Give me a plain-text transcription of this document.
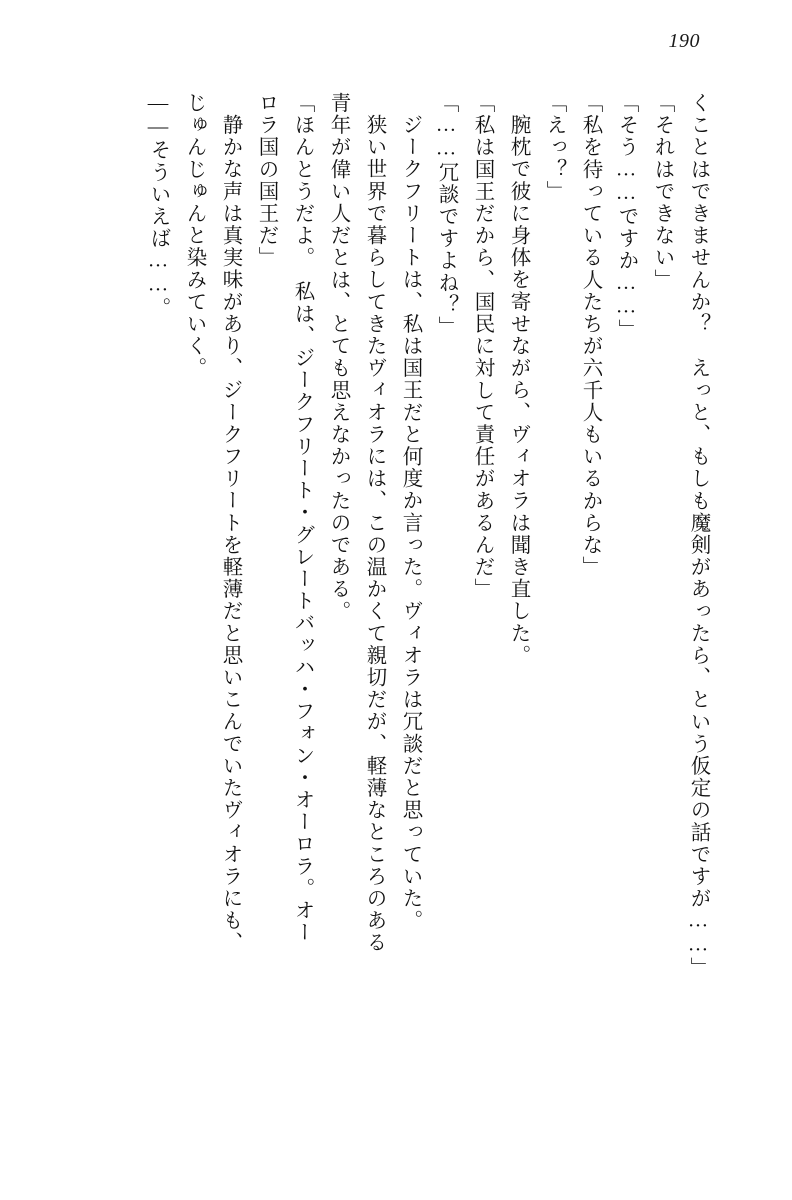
190

くことはできませんか？　えっと、もしも魔剣があったら、という仮定の話ですが……」

「それはできない」

「そう……ですか……」

「私を待っている人たちが六千人もいるからな」

「えっ？」

腕枕で彼に身体を寄せながら、ヴィオラは聞き直した。

「私は国王だから、国民に対して責任があるんだ」

「……冗談ですよね？」

ジークフリートは、私は国王だと何度か言った。ヴィオラは冗談だと思っていた。

狭い世界で暮らしてきたヴィオラには、この温かくて親切だが、軽薄なところのある

青年が偉い人だとは、とても思えなかったのである。

「ほんとうだよ。　私は、ジークフリート・グレートバッハ・フォン・オーロラ。オー

ロラ国の国王だ」

静かな声は真実味があり、ジークフリートを軽薄だと思いこんでいたヴィオラにも、

じゅんじゅんと染みていく。

――そういえば……。
